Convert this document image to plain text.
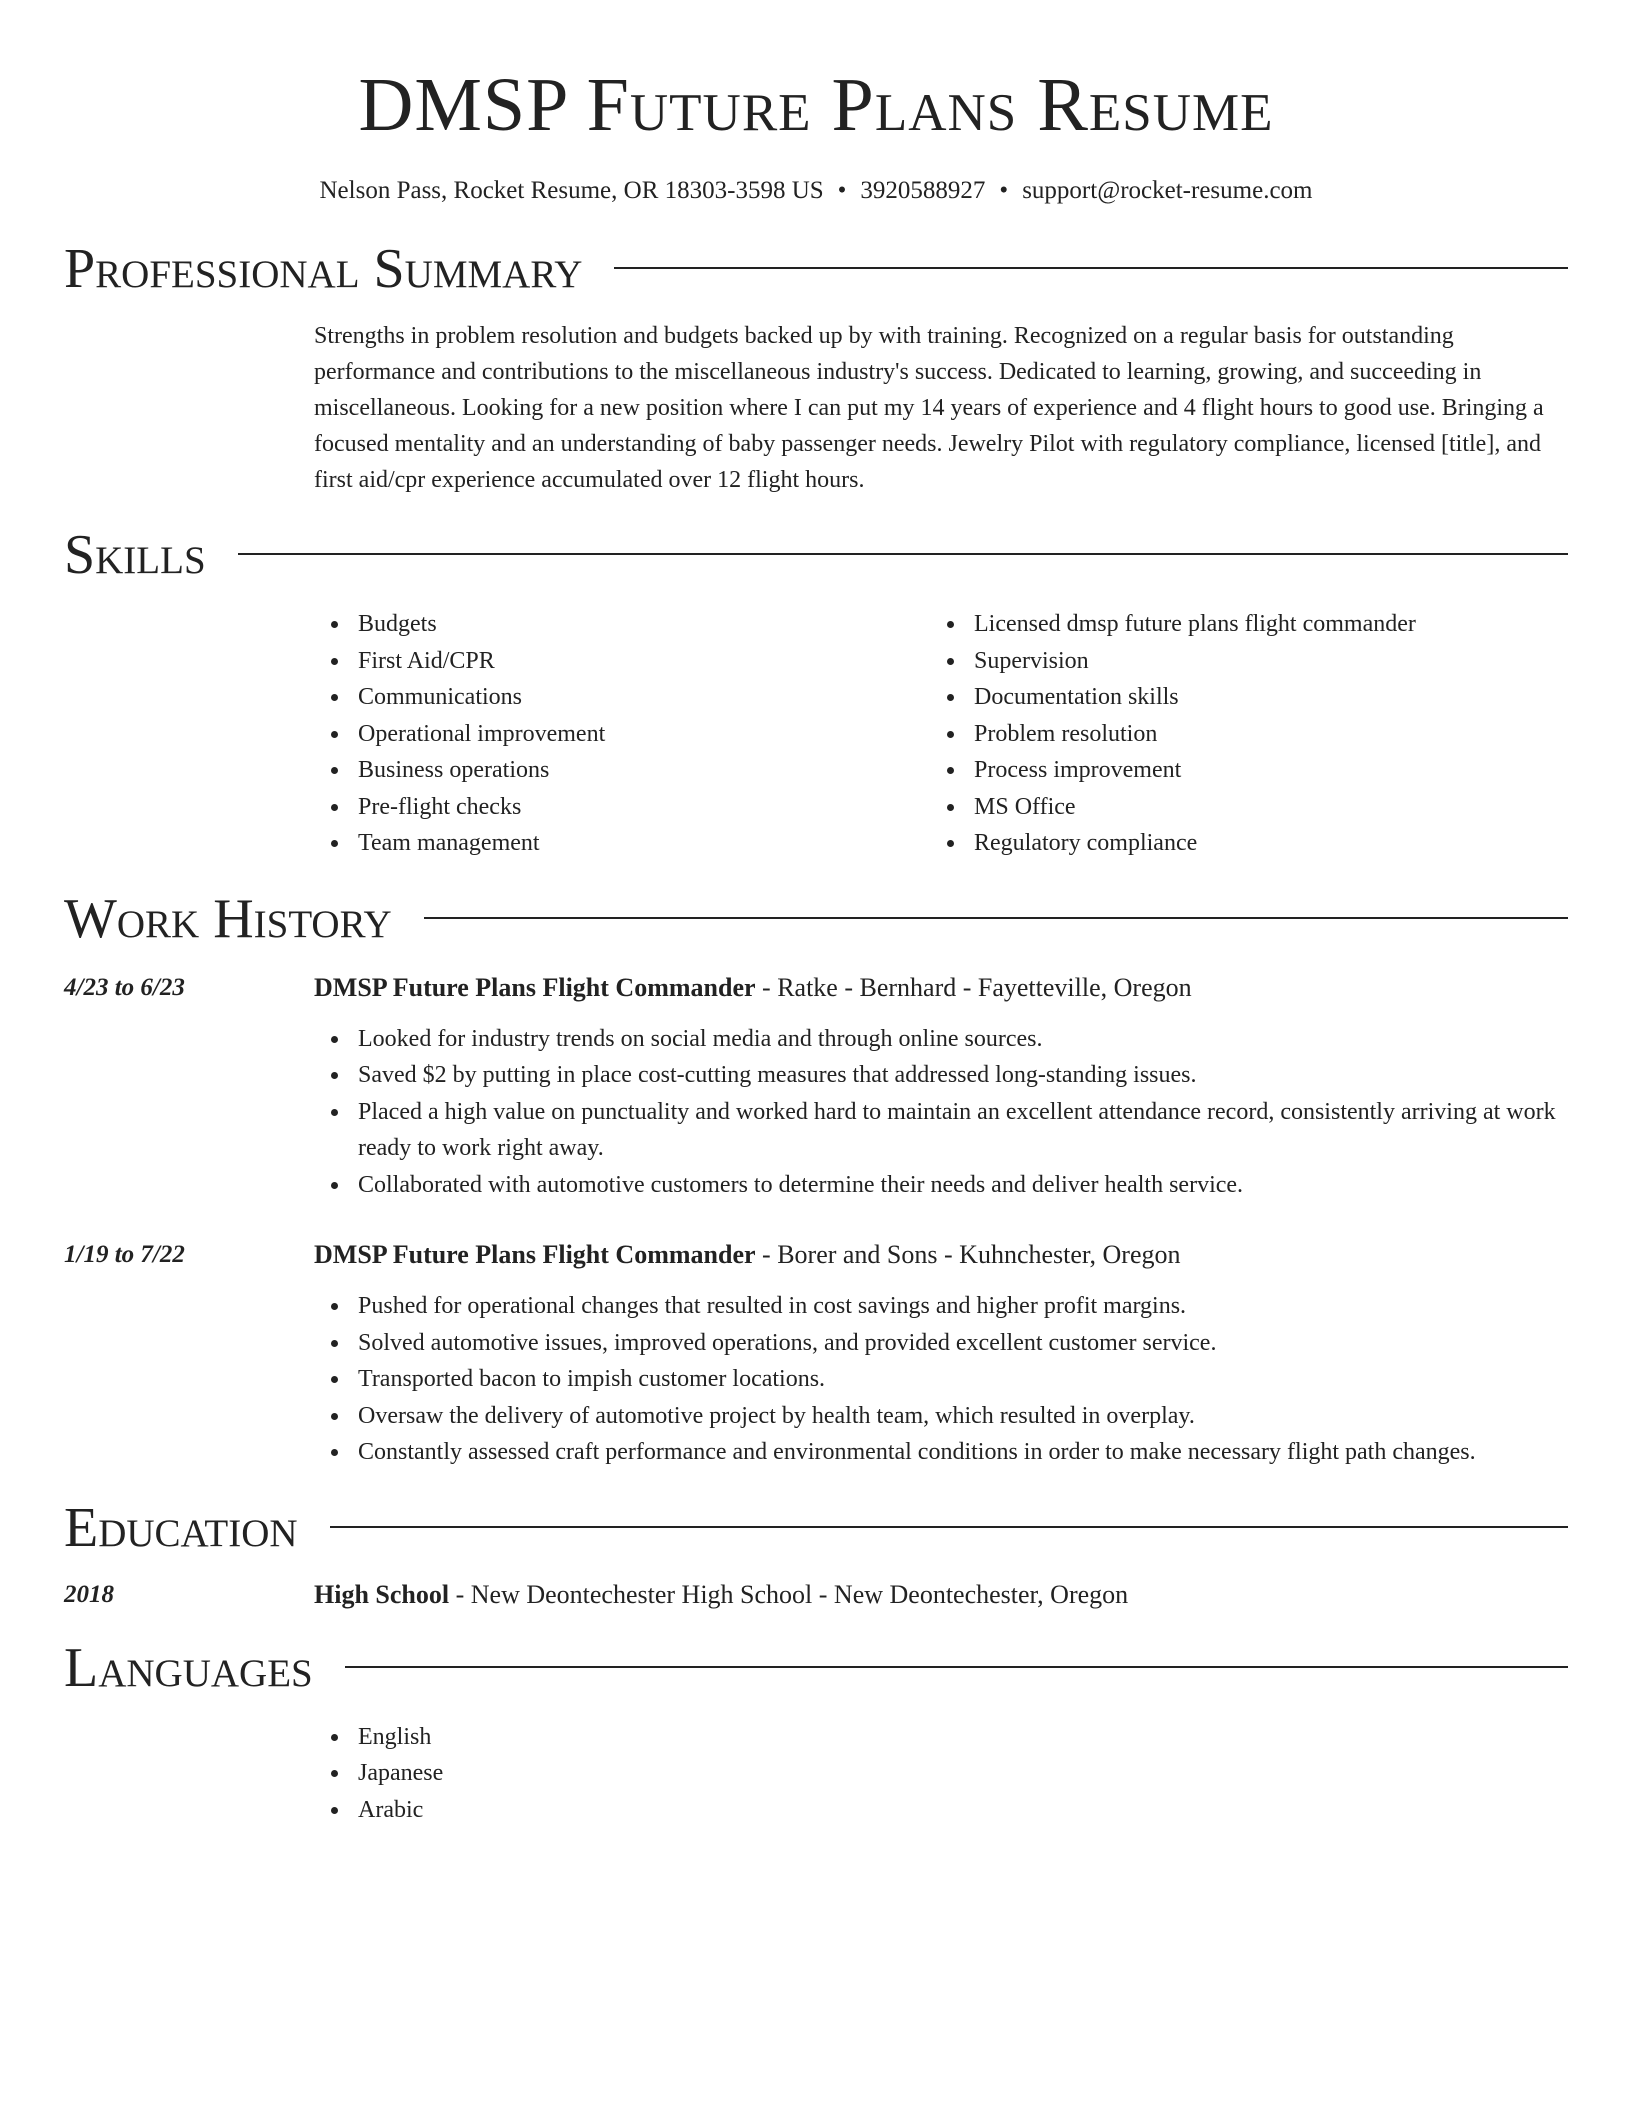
DMSP Future Plans Resume
Nelson Pass, Rocket Resume, OR 18303-3598 US • 3920588927 • support@rocket-resume.com
Professional Summary

Strengths in problem resolution and budgets backed up by with training. Recognized on a regular basis for outstanding performance and contributions to the miscellaneous industry's success. Dedicated to learning, growing, and succeeding in miscellaneous. Looking for a new position where I can put my 14 years of experience and 4 flight hours to good use. Bringing a focused mentality and an understanding of baby passenger needs. Jewelry Pilot with regulatory compliance, licensed [title], and first aid/cpr experience accumulated over 12 flight hours.

Skills
Budgets
First Aid/CPR
Communications
Operational improvement
Business operations
Pre-flight checks
Team management
Licensed dmsp future plans flight commander
Supervision
Documentation skills
Problem resolution
Process improvement
MS Office
Regulatory compliance
Work History
4/23 to 6/23	DMSP Future Plans Flight Commander - Ratke - Bernhard - Fayetteville, Oregon
Looked for industry trends on social media and through online sources.
Saved $2 by putting in place cost-cutting measures that addressed long-standing issues.
Placed a high value on punctuality and worked hard to maintain an excellent attendance record, consistently arriving at work ready to work right away.
Collaborated with automotive customers to determine their needs and deliver health service.
1/19 to 7/22	DMSP Future Plans Flight Commander - Borer and Sons - Kuhnchester, Oregon
Pushed for operational changes that resulted in cost savings and higher profit margins.
Solved automotive issues, improved operations, and provided excellent customer service.
Transported bacon to impish customer locations.
Oversaw the delivery of automotive project by health team, which resulted in overplay.
Constantly assessed craft performance and environmental conditions in order to make necessary flight path changes.
Education
2018	High School - New Deontechester High School - New Deontechester, Oregon
Languages
English
Japanese
Arabic
